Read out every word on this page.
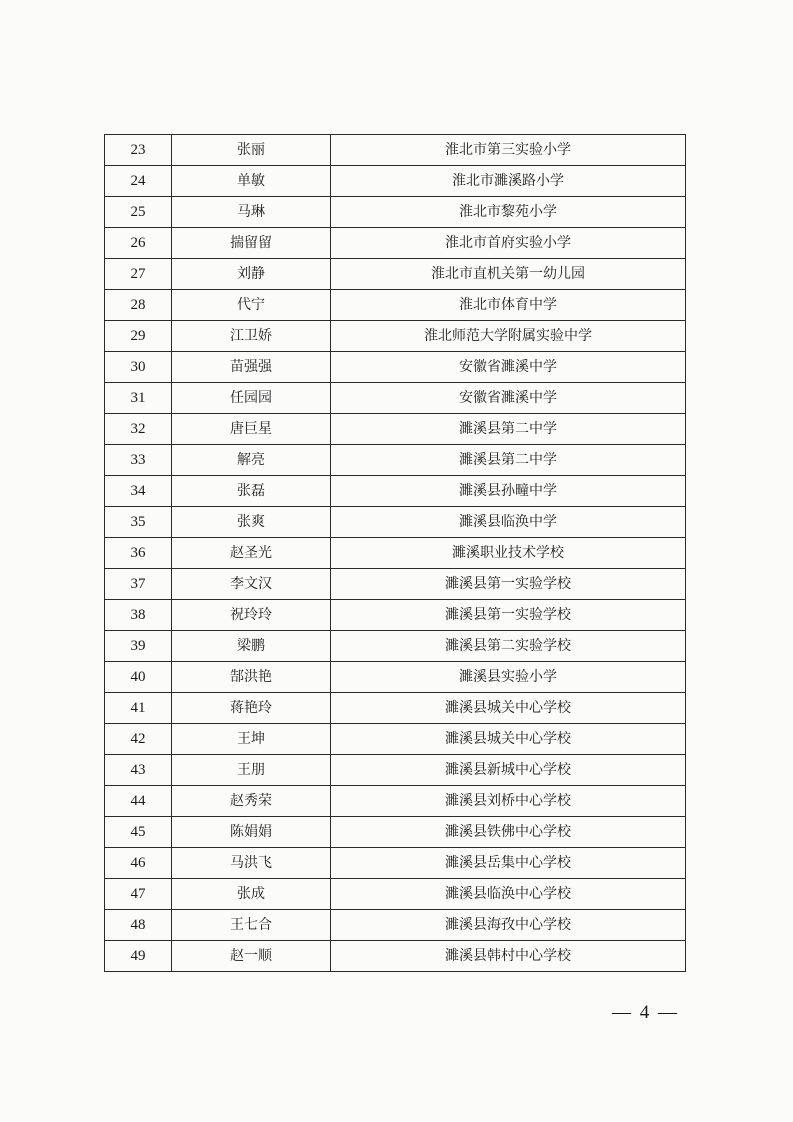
23	张丽	淮北市第三实验小学
24	单敏	淮北市濉溪路小学
25	马琳	淮北市黎苑小学
26	揣留留	淮北市首府实验小学
27	刘静	淮北市直机关第一幼儿园
28	代宁	淮北市体育中学
29	江卫娇	淮北师范大学附属实验中学
30	苗强强	安徽省濉溪中学
31	任园园	安徽省濉溪中学
32	唐巨星	濉溪县第二中学
33	解亮	濉溪县第二中学
34	张磊	濉溪县孙疃中学
35	张爽	濉溪县临涣中学
36	赵圣光	濉溪职业技术学校
37	李文汉	濉溪县第一实验学校
38	祝玲玲	濉溪县第一实验学校
39	梁鹏	濉溪县第二实验学校
40	郜洪艳	濉溪县实验小学
41	蒋艳玲	濉溪县城关中心学校
42	王坤	濉溪县城关中心学校
43	王朋	濉溪县新城中心学校
44	赵秀荣	濉溪县刘桥中心学校
45	陈娟娟	濉溪县铁佛中心学校
46	马洪飞	濉溪县岳集中心学校
47	张成	濉溪县临涣中心学校
48	王七合	濉溪县海孜中心学校
49	赵一顺	濉溪县韩村中心学校
— 4 —
